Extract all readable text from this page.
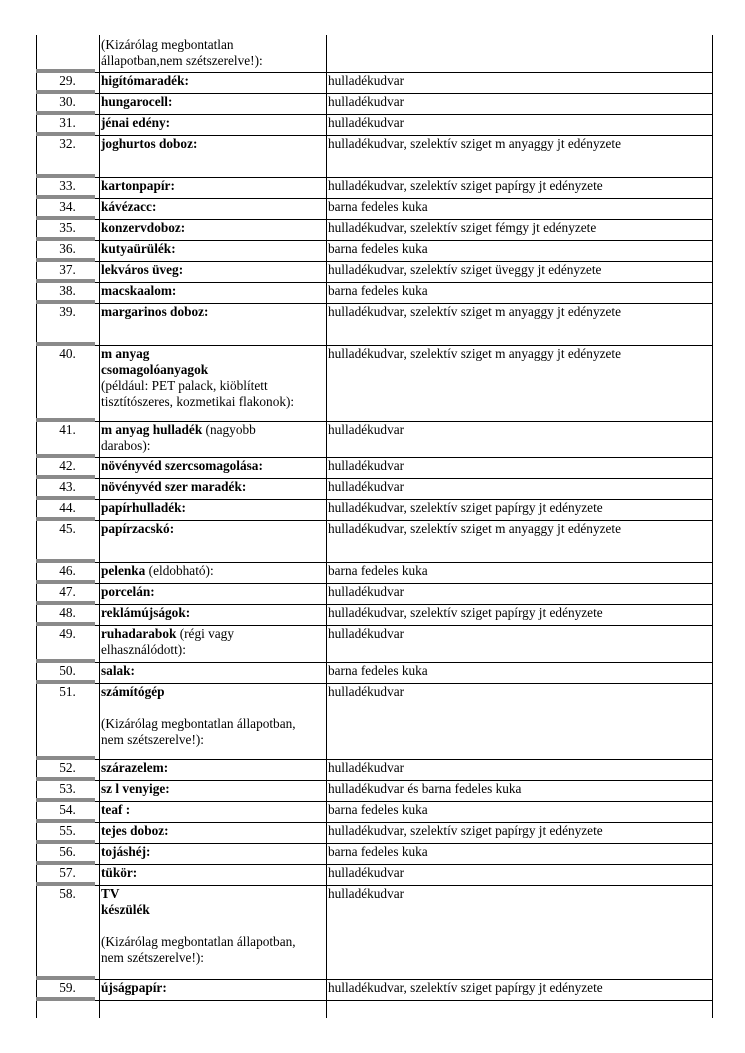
(Kizárólag megbontatlan
állapotban,nem szétszerelve!):
29.	higítómaradék:	hulladékudvar
30.	hungarocell:	hulladékudvar
31.	jénai edény:	hulladékudvar
32.	joghurtos doboz:	hulladékudvar, szelektív sziget m anyaggy jt edényzete
33.	kartonpapír:	hulladékudvar, szelektív sziget papírgy jt edényzete
34.	kávézacc:	barna fedeles kuka
35.	konzervdoboz:	hulladékudvar, szelektív sziget fémgy jt edényzete
36.	kutyaürülék:	barna fedeles kuka
37.	lekváros üveg:	hulladékudvar, szelektív sziget üveggy jt edényzete
38.	macskaalom:	barna fedeles kuka
39.	margarinos doboz:	hulladékudvar, szelektív sziget m anyaggy jt edényzete
40.	m anyag
csomagolóanyagok
(például: PET palack, kiöblített
tisztítószeres, kozmetikai flakonok):
hulladékudvar, szelektív sziget m anyaggy jt edényzete
41.	m anyag hulladék (nagyobb
darabos):
hulladékudvar
42.	növényvéd szercsomagolása:	hulladékudvar
43.	növényvéd szer maradék:	hulladékudvar
44.	papírhulladék:	hulladékudvar, szelektív sziget papírgy jt edényzete
45.	papírzacskó:	hulladékudvar, szelektív sziget m anyaggy jt edényzete
46.	pelenka (eldobható):	barna fedeles kuka
47.	porcelán:	hulladékudvar
48.	reklámújságok:	hulladékudvar, szelektív sziget papírgy jt edényzete
49.	ruhadarabok (régi vagy
elhasználódott):
hulladékudvar
50.	salak:	barna fedeles kuka
51.	számítógép

(Kizárólag megbontatlan állapotban,
nem szétszerelve!):
hulladékudvar
52.	szárazelem:	hulladékudvar
53.	sz l venyige:	hulladékudvar és barna fedeles kuka
54.	teaf :	barna fedeles kuka
55.	tejes doboz:	hulladékudvar, szelektív sziget papírgy jt edényzete
56.	tojáshéj:	barna fedeles kuka
57.	tükör:	hulladékudvar
58.	TV
készülék

(Kizárólag megbontatlan állapotban,
nem szétszerelve!):
hulladékudvar
59.	újságpapír:	hulladékudvar, szelektív sziget papírgy jt edényzete
